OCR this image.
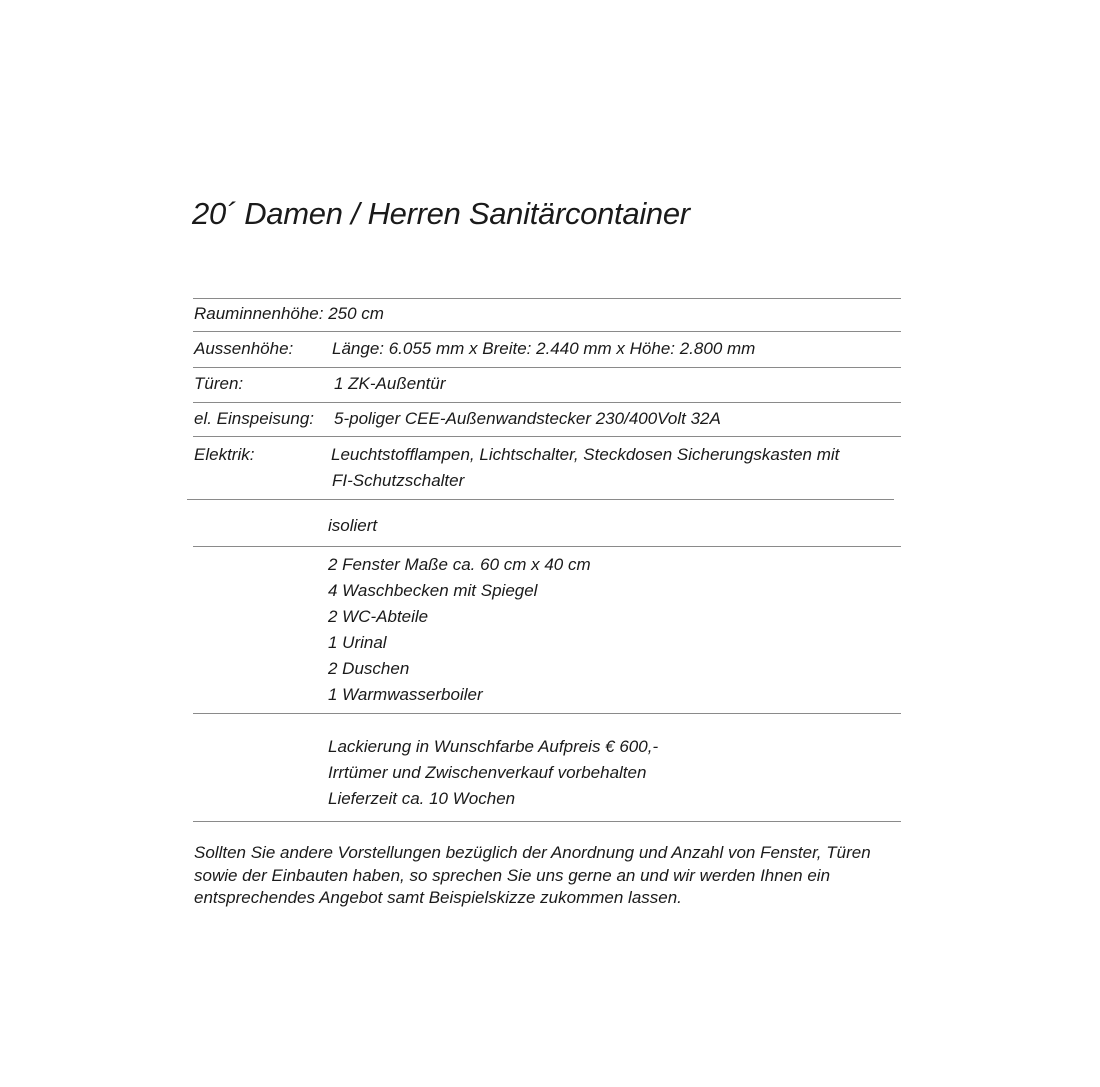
20´ Damen / Herren Sanitärcontainer
Rauminnenhöhe: 250 cm
Aussenhöhe: Länge: 6.055 mm x Breite: 2.440 mm x Höhe: 2.800 mm
Türen:	1 ZK-Außentür
el. Einspeisung: 5-poliger CEE-Außenwandstecker 230/400Volt 32A
Elektrik:	Leuchtstofflampen, Lichtschalter, Steckdosen Sicherungskasten mit
FI-Schutzschalter
isoliert
2 Fenster Maße ca. 60 cm x 40 cm
4 Waschbecken mit Spiegel
2 WC-Abteile
1 Urinal
2 Duschen
1 Warmwasserboiler
Lackierung in Wunschfarbe Aufpreis € 600,-
Irrtümer und Zwischenverkauf vorbehalten
Lieferzeit ca. 10 Wochen
Sollten Sie andere Vorstellungen bezüglich der Anordnung und Anzahl von Fenster, Türen
sowie der Einbauten haben, so sprechen Sie uns gerne an und wir werden Ihnen ein
entsprechendes Angebot samt Beispielskizze zukommen lassen.
